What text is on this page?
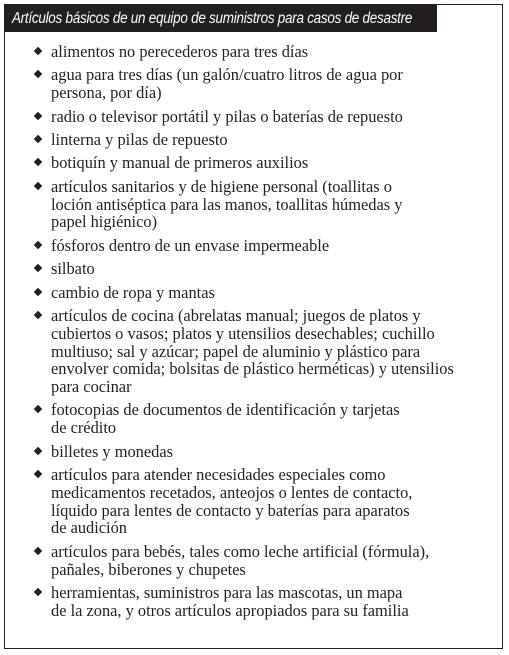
Artículos básicos de un equipo de suministros para casos de desastre
alimentos no perecederos para tres días
agua para tres días (un galón/cuatro litros de agua por
persona, por día)
radio o televisor portátil y pilas o baterías de repuesto
linterna y pilas de repuesto
botiquín y manual de primeros auxilios
artículos sanitarios y de higiene personal (toallitas o
loción antiséptica para las manos, toallitas húmedas y
papel higiénico)
fósforos dentro de un envase impermeable
silbato
cambio de ropa y mantas
artículos de cocina (abrelatas manual; juegos de platos y
cubiertos o vasos; platos y utensilios desechables; cuchillo
multiuso; sal y azúcar; papel de aluminio y plástico para
envolver comida; bolsitas de plástico herméticas) y utensilios
para cocinar
fotocopias de documentos de identificación y tarjetas
de crédito
billetes y monedas
artículos para atender necesidades especiales como
medicamentos recetados, anteojos o lentes de contacto,
líquido para lentes de contacto y baterías para aparatos
de audición
artículos para bebés, tales como leche artificial (fórmula),
pañales, biberones y chupetes
herramientas, suministros para las mascotas, un mapa
de la zona, y otros artículos apropiados para su familia
